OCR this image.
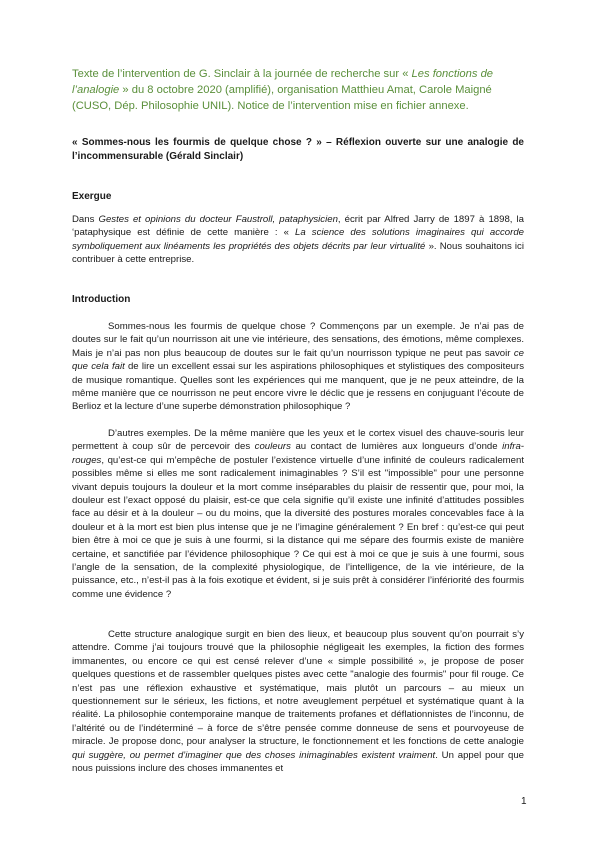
Texte de l’intervention de G. Sinclair à la journée de recherche sur « Les fonctions de l’analogie » du 8 octobre 2020 (amplifié), organisation Matthieu Amat, Carole Maigné (CUSO, Dép. Philosophie UNIL). Notice de l’intervention mise en fichier annexe.
« Sommes-nous les fourmis de quelque chose ? » – Réflexion ouverte sur une analogie de l’incommensurable (Gérald Sinclair)
Exergue
Dans Gestes et opinions du docteur Faustroll, pataphysicien, écrit par Alfred Jarry de 1897 à 1898, la ‘pataphysique est définie de cette manière : « La science des solutions imaginaires qui accorde symboliquement aux linéaments les propriétés des objets décrits par leur virtualité ». Nous souhaitons ici contribuer à cette entreprise.
Introduction
Sommes-nous les fourmis de quelque chose ? Commençons par un exemple. Je n’ai pas de doutes sur le fait qu’un nourrisson ait une vie intérieure, des sensations, des émotions, même complexes. Mais je n’ai pas non plus beaucoup de doutes sur le fait qu’un nourrisson typique ne peut pas savoir ce que cela fait de lire un excellent essai sur les aspirations philosophiques et stylistiques des compositeurs de musique romantique. Quelles sont les expériences qui me manquent, que je ne peux atteindre, de la même manière que ce nourrisson ne peut encore vivre le déclic que je ressens en conjuguant l’écoute de Berlioz et la lecture d’une superbe démonstration philosophique ?
D’autres exemples. De la même manière que les yeux et le cortex visuel des chauve-souris leur permettent à coup sûr de percevoir des couleurs au contact de lumières aux longueurs d’onde infra-rouges, qu’est-ce qui m’empêche de postuler l’existence virtuelle d’une infinité de couleurs radicalement possibles même si elles me sont radicalement inimaginables ? S’il est "impossible" pour une personne vivant depuis toujours la douleur et la mort comme inséparables du plaisir de ressentir que, pour moi, la douleur est l’exact opposé du plaisir, est-ce que cela signifie qu’il existe une infinité d’attitudes possibles face au désir et à la douleur – ou du moins, que la diversité des postures morales concevables face à la douleur et à la mort est bien plus intense que je ne l’imagine généralement ? En bref : qu’est-ce qui peut bien être à moi ce que je suis à une fourmi, si la distance qui me sépare des fourmis existe de manière certaine, et sanctifiée par l’évidence philosophique ? Ce qui est à moi ce que je suis à une fourmi, sous l’angle de la sensation, de la complexité physiologique, de l’intelligence, de la vie intérieure, de la puissance, etc., n’est-il pas à la fois exotique et évident, si je suis prêt à considérer l’infériorité des fourmis comme une évidence ?
Cette structure analogique surgit en bien des lieux, et beaucoup plus souvent qu’on pourrait s’y attendre. Comme j’ai toujours trouvé que la philosophie négligeait les exemples, la fiction des formes immanentes, ou encore ce qui est censé relever d’une « simple possibilité », je propose de poser quelques questions et de rassembler quelques pistes avec cette "analogie des fourmis" pour fil rouge. Ce n’est pas une réflexion exhaustive et systématique, mais plutôt un parcours – au mieux un questionnement sur le sérieux, les fictions, et notre aveuglement perpétuel et systématique quant à la réalité. La philosophie contemporaine manque de traitements profanes et déflationnistes de l’inconnu, de l’altérité ou de l’indéterminé – à force de s’être pensée comme donneuse de sens et pourvoyeuse de miracle. Je propose donc, pour analyser la structure, le fonctionnement et les fonctions de cette analogie qui suggère, ou permet d’imaginer que des choses inimaginables existent vraiment. Un appel pour que nous puissions inclure des choses immanentes et
1
